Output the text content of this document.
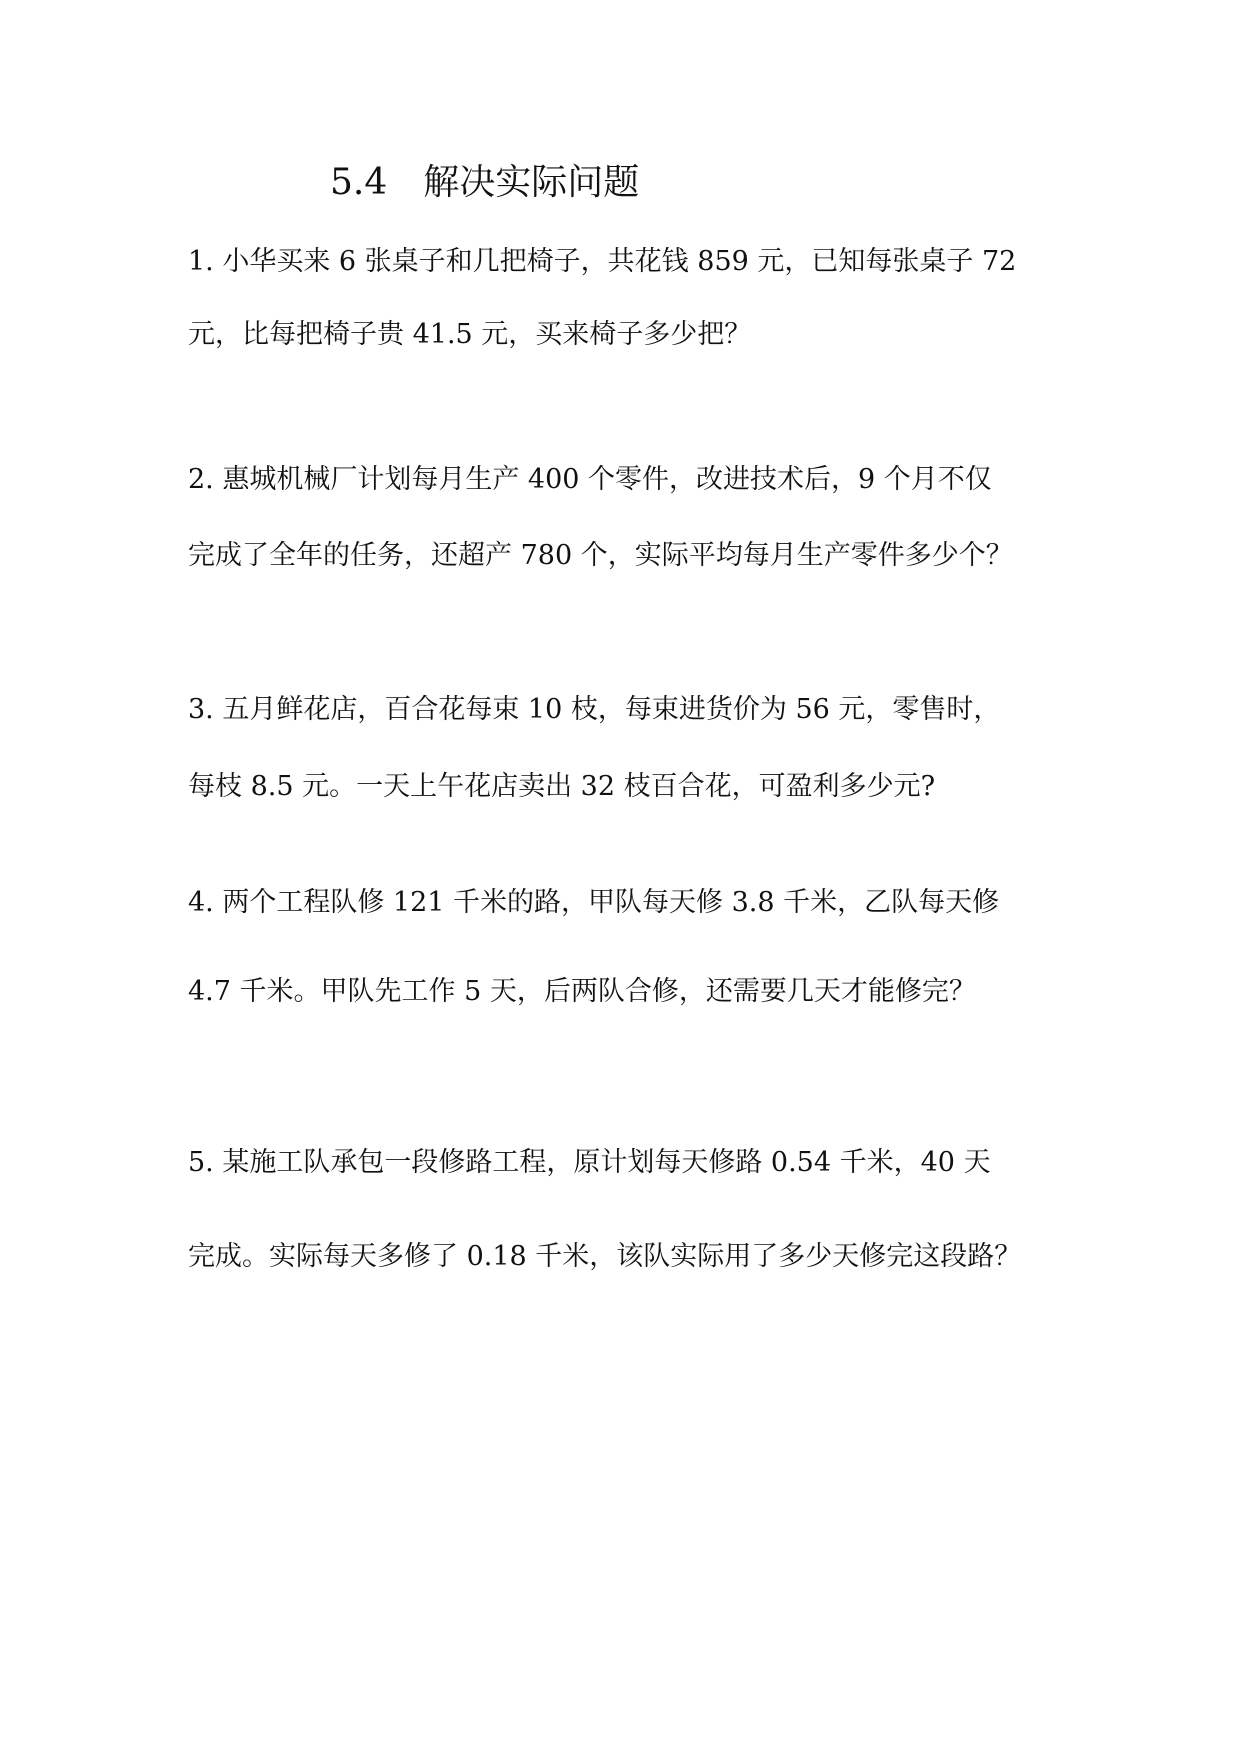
5.4 解决实际问题
1. 小华买来 6 张桌子和几把椅子，共花钱 859 元，已知每张桌子 72
元，比每把椅子贵 41.5 元，买来椅子多少把？
2. 惠城机械厂计划每月生产 400 个零件，改进技术后，9 个月不仅
完成了全年的任务，还超产 780 个，实际平均每月生产零件多少个？
3. 五月鲜花店，百合花每束 10 枝，每束进货价为 56 元，零售时，
每枝 8.5 元。一天上午花店卖出 32 枝百合花，可盈利多少元?
4. 两个工程队修 121 千米的路，甲队每天修 3.8 千米，乙队每天修
4.7 千米。甲队先工作 5 天，后两队合修，还需要几天才能修完？
5. 某施工队承包一段修路工程，原计划每天修路 0.54 千米，40 天
完成。实际每天多修了 0.18 千米，该队实际用了多少天修完这段路？
